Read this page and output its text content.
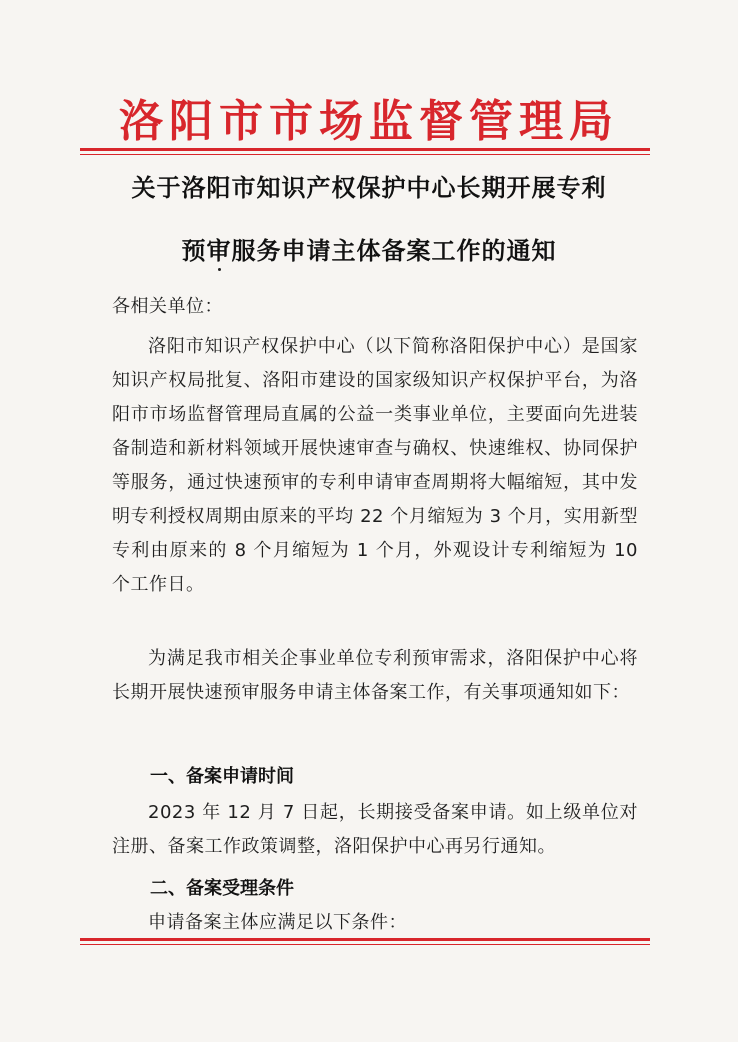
洛阳市市场监督管理局
关于洛阳市知识产权保护中心长期开展专利
预审服务申请主体备案工作的通知
各相关单位：
洛阳市知识产权保护中心（以下简称洛阳保护中心）是国家知识产权局批复、洛阳市建设的国家级知识产权保护平台，为洛阳市市场监督管理局直属的公益一类事业单位，主要面向先进装备制造和新材料领域开展快速审查与确权、快速维权、协同保护等服务，通过快速预审的专利申请审查周期将大幅缩短，其中发明专利授权周期由原来的平均 22 个月缩短为 3 个月，实用新型专利由原来的 8 个月缩短为 1 个月，外观设计专利缩短为 10 个工作日。
为满足我市相关企事业单位专利预审需求，洛阳保护中心将长期开展快速预审服务申请主体备案工作，有关事项通知如下：
一、备案申请时间
2023 年 12 月 7 日起，长期接受备案申请。如上级单位对注册、备案工作政策调整，洛阳保护中心再另行通知。
二、备案受理条件
申请备案主体应满足以下条件：
